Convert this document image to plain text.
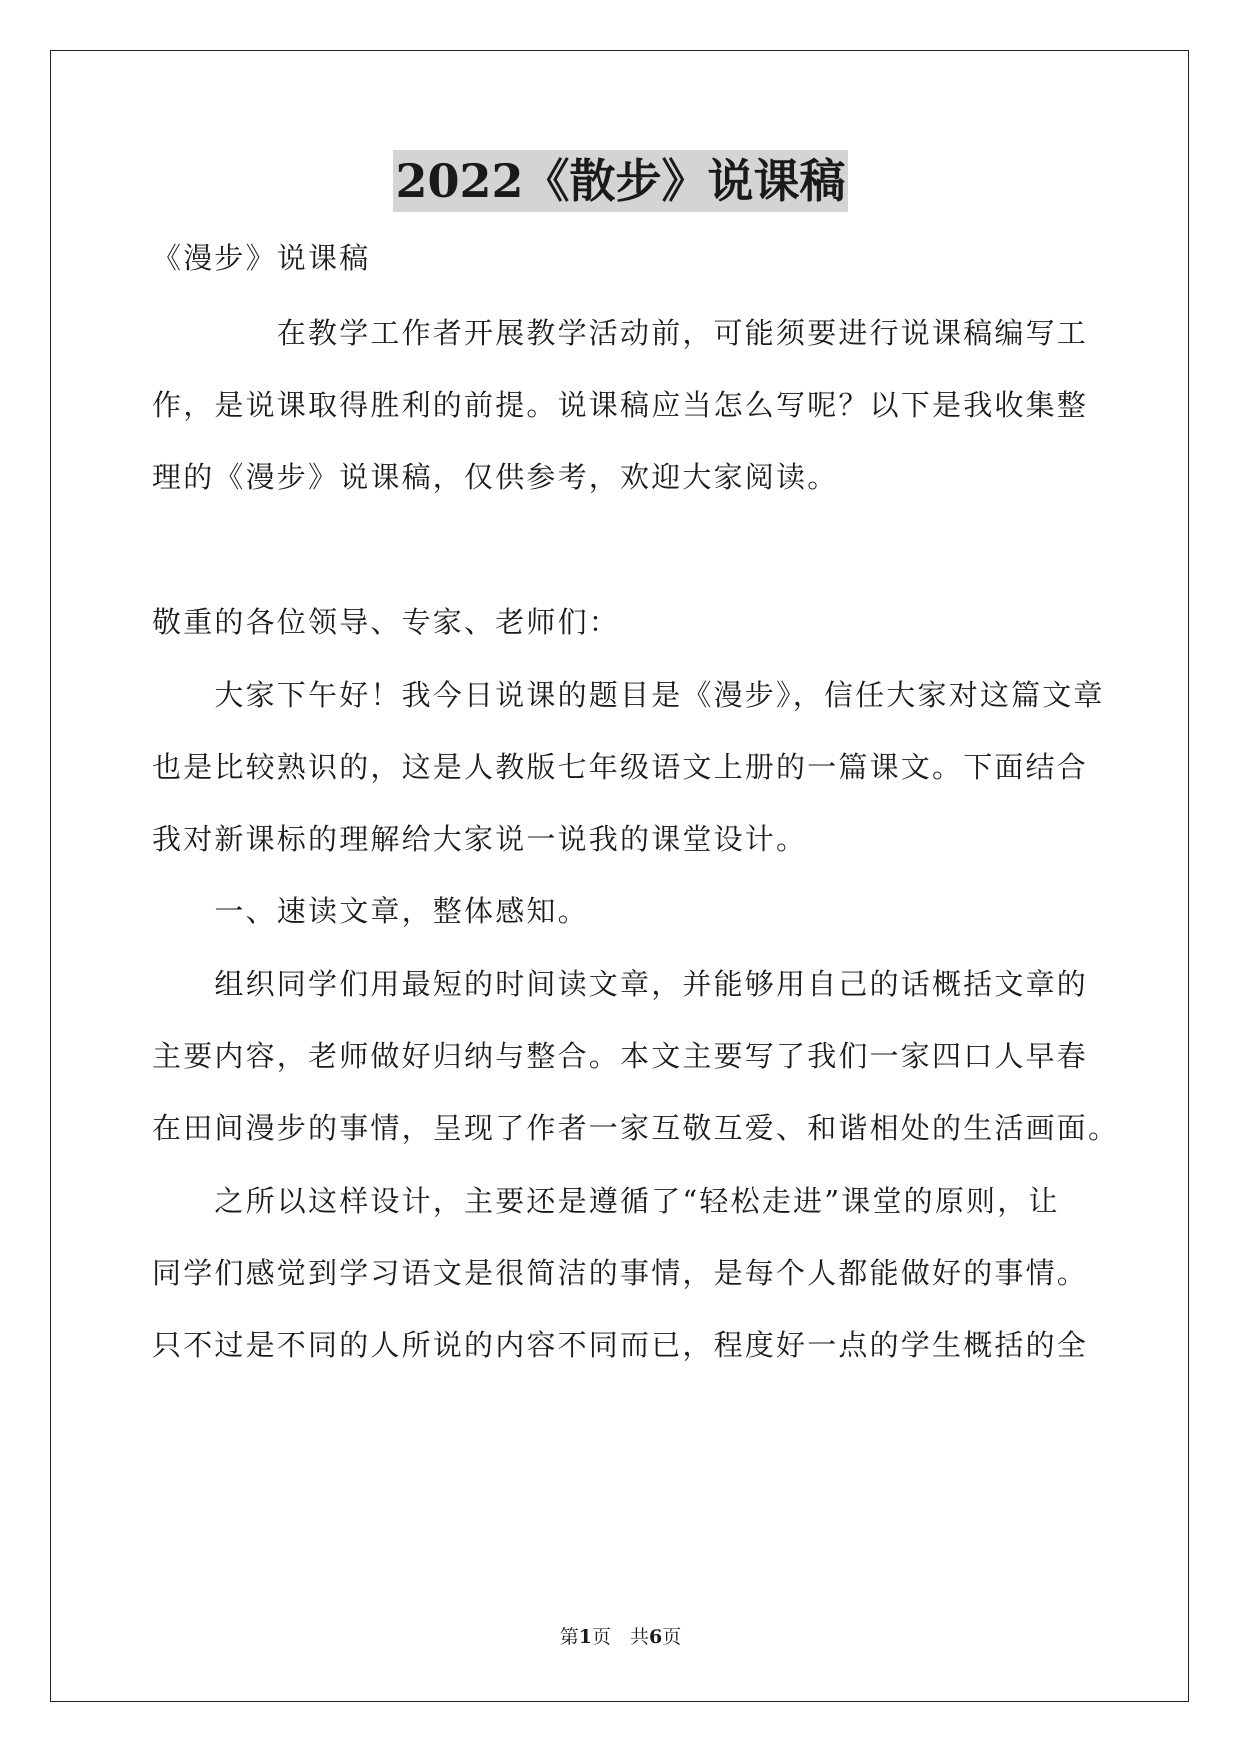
2022《散步》说课稿
《漫步》说课稿
　　　　在教学工作者开展教学活动前，可能须要进行说课稿编写工
作，是说课取得胜利的前提。说课稿应当怎么写呢？以下是我收集整
理的《漫步》说课稿，仅供参考，欢迎大家阅读。
敬重的各位领导、专家、老师们：
　　大家下午好！我今日说课的题目是《漫步》，信任大家对这篇文章
也是比较熟识的，这是人教版七年级语文上册的一篇课文。下面结合
我对新课标的理解给大家说一说我的课堂设计。
　　一、速读文章，整体感知。
　　组织同学们用最短的时间读文章，并能够用自己的话概括文章的
主要内容，老师做好归纳与整合。本文主要写了我们一家四口人早春
在田间漫步的事情，呈现了作者一家互敬互爱、和谐相处的生活画面。
　　之所以这样设计，主要还是遵循了“轻松走进”课堂的原则，让
同学们感觉到学习语文是很简洁的事情，是每个人都能做好的事情。
只不过是不同的人所说的内容不同而已，程度好一点的学生概括的全
第1页　共6页
